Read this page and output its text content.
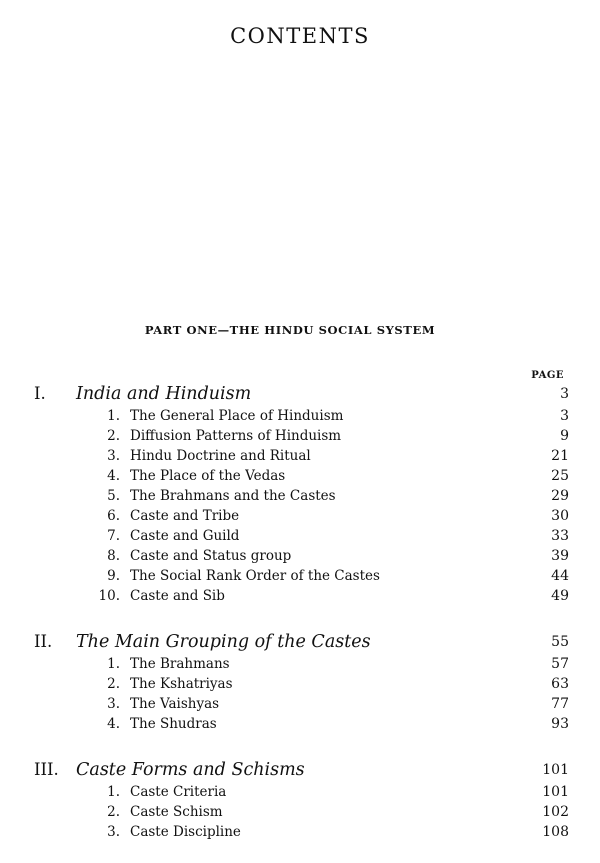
CONTENTS
PART ONE—THE HINDU SOCIAL SYSTEM
PAGE
I. India and Hinduism	3
1. The General Place of Hinduism	3
2. Diffusion Patterns of Hinduism	9
3. Hindu Doctrine and Ritual	21
4. The Place of the Vedas	25
5. The Brahmans and the Castes	29
6. Caste and Tribe	30
7. Caste and Guild	33
8. Caste and Status group	39
9. The Social Rank Order of the Castes	44
10. Caste and Sib	49
II. The Main Grouping of the Castes	55
1. The Brahmans	57
2. The Kshatriyas	63
3. The Vaishyas	77
4. The Shudras	93
III. Caste Forms and Schisms	101
1. Caste Criteria	101
2. Caste Schism	102
3. Caste Discipline	108
